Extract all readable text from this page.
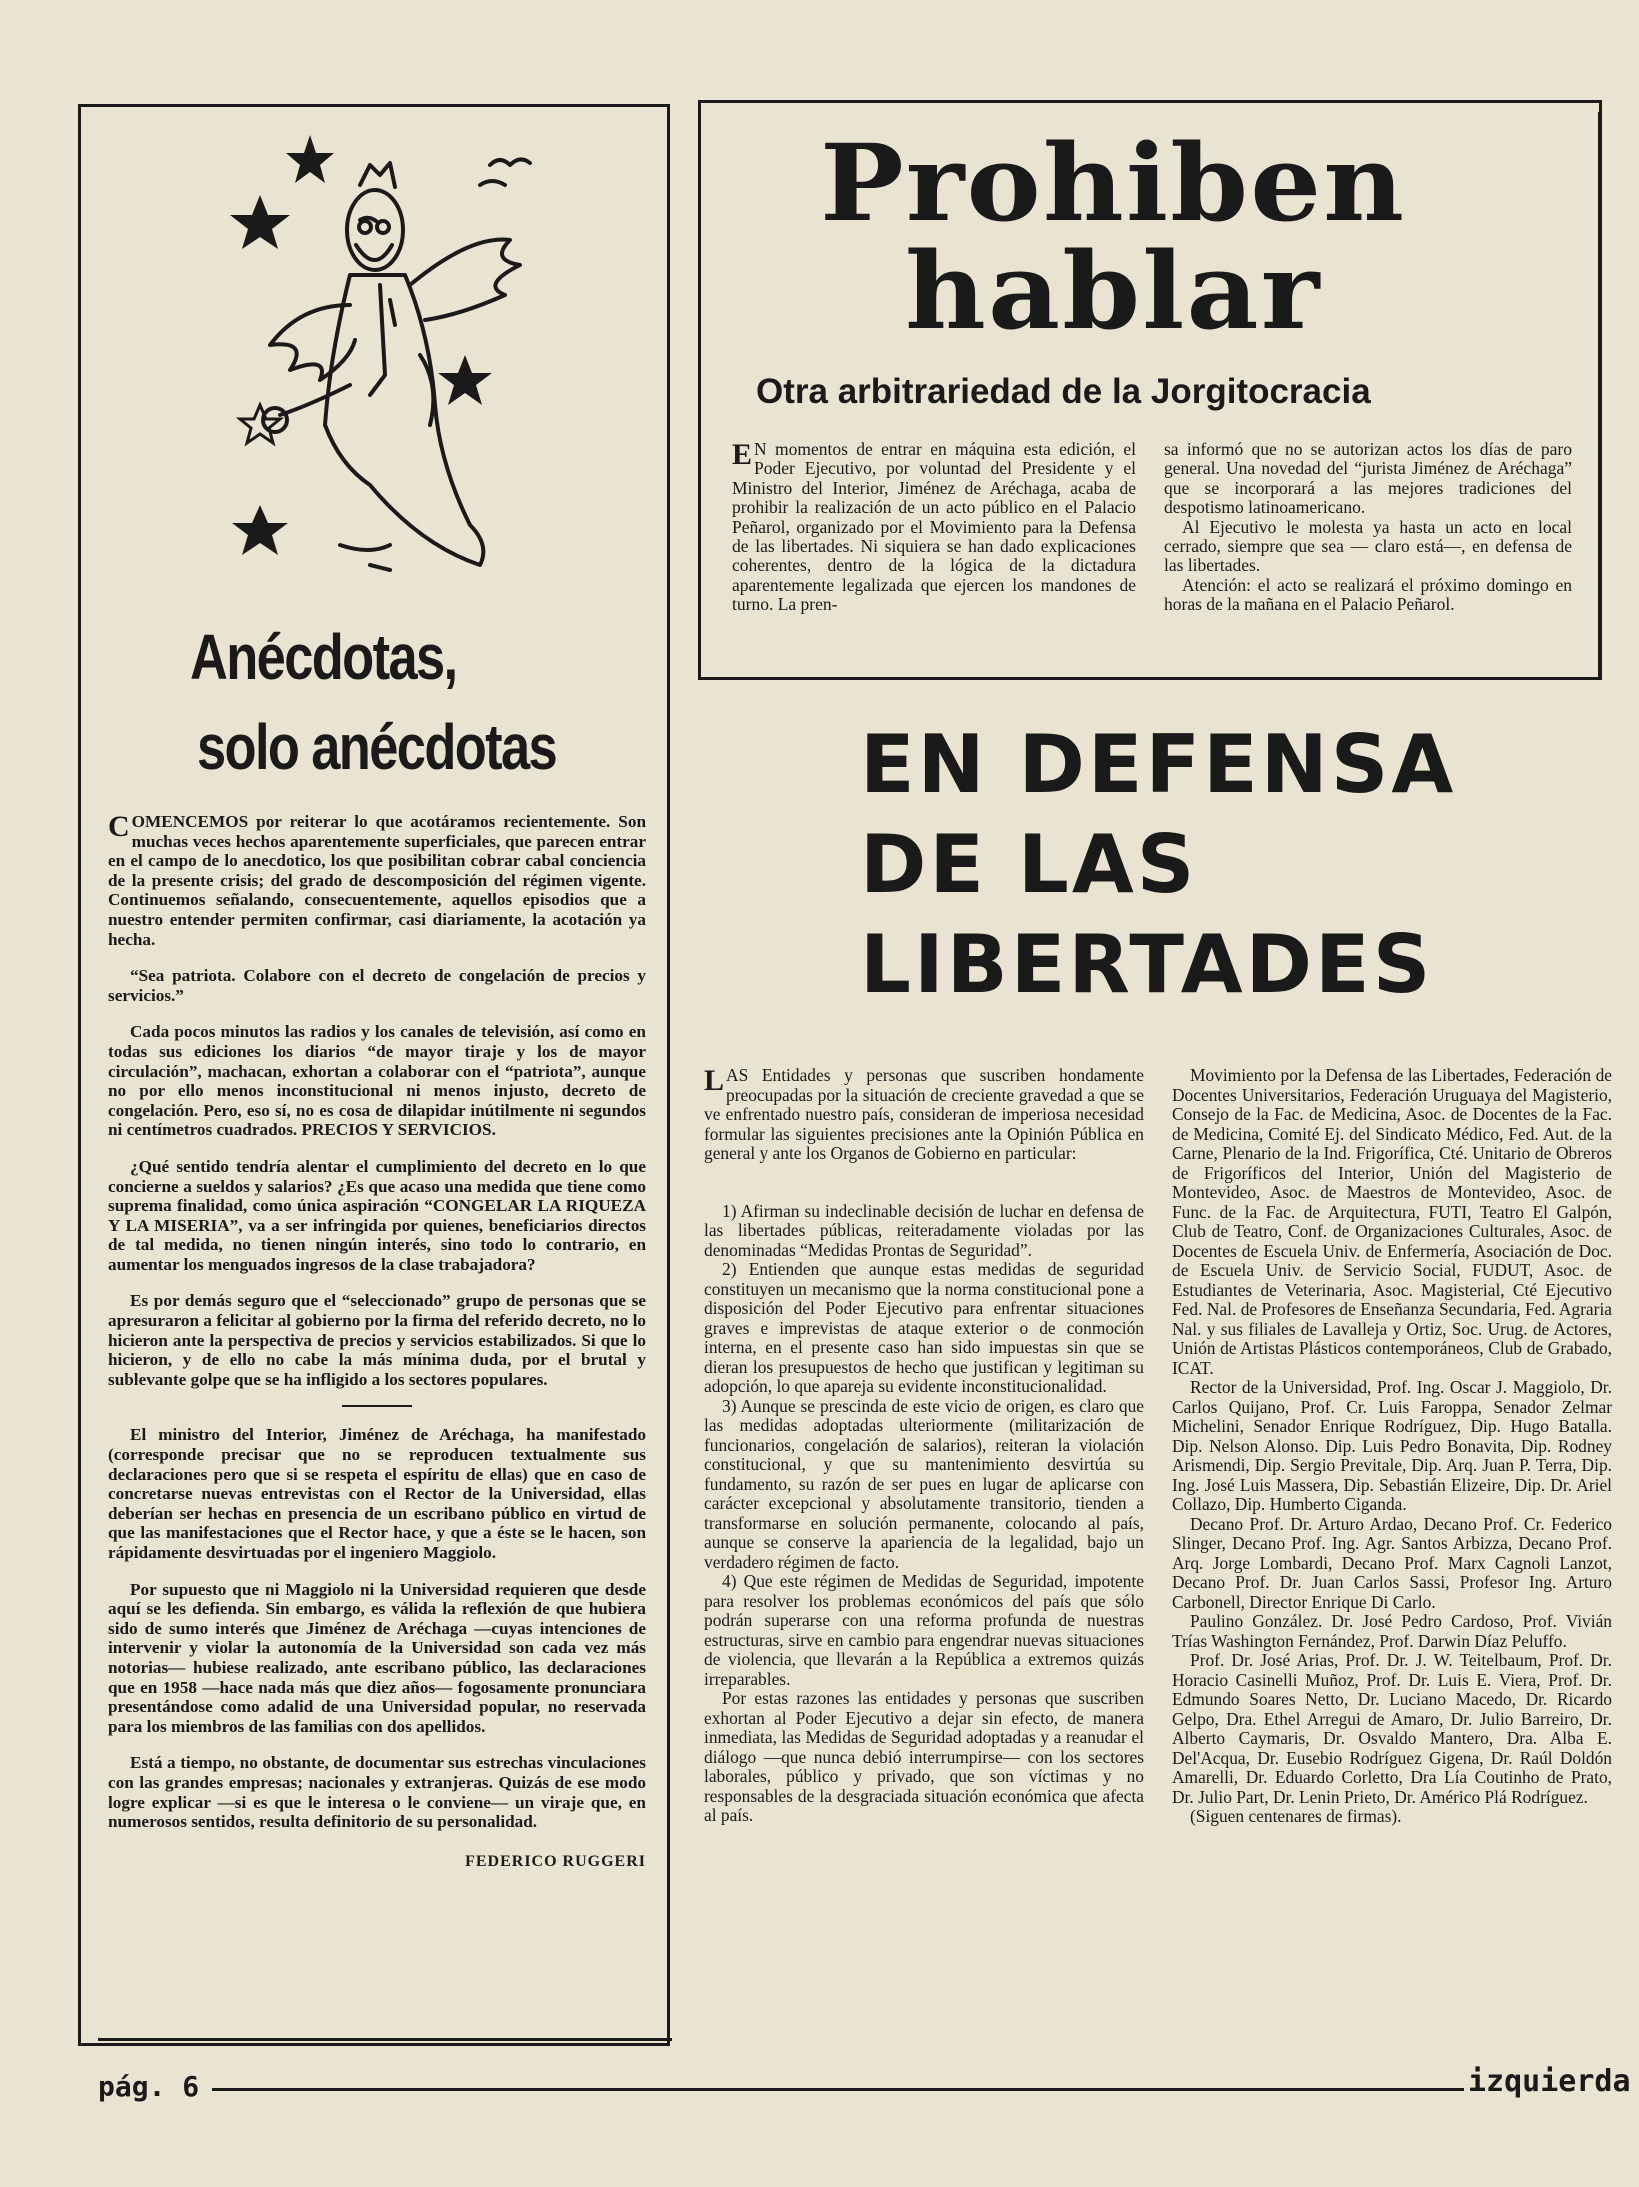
Anécdotas,
solo anécdotas

COMENCEMOS por reiterar lo que acotáramos recientemente. Son muchas veces hechos aparentemente superficiales, que parecen entrar en el campo de lo anecdotico, los que posibilitan cobrar cabal conciencia de la presente crisis; del grado de descomposición del régimen vigente. Continuemos señalando, consecuentemente, aquellos episodios que a nuestro entender permiten confirmar, casi diariamente, la acotación ya hecha.

“Sea patriota. Colabore con el decreto de congelación de precios y servicios.”

Cada pocos minutos las radios y los canales de televisión, así como en todas sus ediciones los diarios “de mayor tiraje y los de mayor circulación”, machacan, exhortan a colaborar con el “patriota”, aunque no por ello menos inconstitucional ni menos injusto, decreto de congelación. Pero, eso sí, no es cosa de dilapidar inútilmente ni segundos ni centímetros cuadrados. PRECIOS Y SERVICIOS.

¿Qué sentido tendría alentar el cumplimiento del decreto en lo que concierne a sueldos y salarios? ¿Es que acaso una medida que tiene como suprema finalidad, como única aspiración “CONGELAR LA RIQUEZA Y LA MISERIA”, va a ser infringida por quienes, beneficiarios directos de tal medida, no tienen ningún interés, sino todo lo contrario, en aumentar los menguados ingresos de la clase trabajadora?

Es por demás seguro que el “seleccionado” grupo de personas que se apresuraron a felicitar al gobierno por la firma del referido decreto, no lo hicieron ante la perspectiva de precios y servicios estabilizados. Si que lo hicieron, y de ello no cabe la más mínima duda, por el brutal y sublevante golpe que se ha infligido a los sectores populares.

El ministro del Interior, Jiménez de Aréchaga, ha manifestado (corresponde precisar que no se reproducen textualmente sus declaraciones pero que si se respeta el espíritu de ellas) que en caso de concretarse nuevas entrevistas con el Rector de la Universidad, ellas deberían ser hechas en presencia de un escribano público en virtud de que las manifestaciones que el Rector hace, y que a éste se le hacen, son rápidamente desvirtuadas por el ingeniero Maggiolo.

Por supuesto que ni Maggiolo ni la Universidad requieren que desde aquí se les defienda. Sin embargo, es válida la reflexión de que hubiera sido de sumo interés que Jiménez de Aréchaga —cuyas intenciones de intervenir y violar la autonomía de la Universidad son cada vez más notorias— hubiese realizado, ante escribano público, las declaraciones que en 1958 —hace nada más que diez años— fogosamente pronunciara presentándose como adalid de una Universidad popular, no reservada para los miembros de las familias con dos apellidos.

Está a tiempo, no obstante, de documentar sus estrechas vinculaciones con las grandes empresas; nacionales y extranjeras. Quizás de ese modo logre explicar —si es que le interesa o le conviene— un viraje que, en numerosos sentidos, resulta definitorio de su personalidad.

FEDERICO RUGGERI

Prohiben
hablar
Otra arbitrariedad de la Jorgitocracia

E N momentos de entrar en máquina esta edición, el Poder Ejecutivo, por voluntad del Presidente y el Ministro del Interior, Jiménez de Aréchaga, acaba de prohibir la realización de un acto público en el Palacio Peñarol, organizado por el Movimiento para la Defensa de las libertades. Ni siquiera se han dado explicaciones coherentes, dentro de la lógica de la dictadura aparentemente legalizada que ejercen los mandones de turno. La pren-

sa informó que no se autorizan actos los días de paro general. Una novedad del “jurista Jiménez de Aréchaga” que se incorporará a las mejores tradiciones del despotismo latinoamericano.

Al Ejecutivo le molesta ya hasta un acto en local cerrado, siempre que sea — claro está—, en defensa de las libertades.

Atención: el acto se realizará el próximo domingo en horas de la mañana en el Palacio Peñarol.

EN DEFENSA
DE LAS
LIBERTADES

LAS Entidades y personas que suscriben hondamente preocupadas por la situación de creciente gravedad a que se ve enfrentado nuestro país, consideran de imperiosa necesidad formular las siguientes precisiones ante la Opinión Pública en general y ante los Organos de Gobierno en particular:

1) Afirman su indeclinable decisión de luchar en defensa de las libertades públicas, reiteradamente violadas por las denominadas “Medidas Prontas de Seguridad”.

2) Entienden que aunque estas medidas de seguridad constituyen un mecanismo que la norma constitucional pone a disposición del Poder Ejecutivo para enfrentar situaciones graves e imprevistas de ataque exterior o de conmoción interna, en el presente caso han sido impuestas sin que se dieran los presupuestos de hecho que justifican y legitiman su adopción, lo que apareja su evidente inconstitucionalidad.

3) Aunque se prescinda de este vicio de origen, es claro que las medidas adoptadas ulteriormente (militarización de funcionarios, congelación de salarios), reiteran la violación constitucional, y que su mantenimiento desvirtúa su fundamento, su razón de ser pues en lugar de aplicarse con carácter excepcional y absolutamente transitorio, tienden a transformarse en solución permanente, colocando al país, aunque se conserve la apariencia de la legalidad, bajo un verdadero régimen de facto.

4) Que este régimen de Medidas de Seguridad, impotente para resolver los problemas económicos del país que sólo podrán superarse con una reforma profunda de nuestras estructuras, sirve en cambio para engendrar nuevas situaciones de violencia, que llevarán a la República a extremos quizás irreparables.

Por estas razones las entidades y personas que suscriben exhortan al Poder Ejecutivo a dejar sin efecto, de manera inmediata, las Medidas de Seguridad adoptadas y a reanudar el diálogo —que nunca debió interrumpirse— con los sectores laborales, público y privado, que son víctimas y no responsables de la desgraciada situación económica que afecta al país.

Movimiento por la Defensa de las Libertades, Federación de Docentes Universitarios, Federación Uruguaya del Magisterio, Consejo de la Fac. de Medicina, Asoc. de Docentes de la Fac. de Medicina, Comité Ej. del Sindicato Médico, Fed. Aut. de la Carne, Plenario de la Ind. Frigorífica, Cté. Unitario de Obreros de Frigoríficos del Interior, Unión del Magisterio de Montevideo, Asoc. de Maestros de Montevideo, Asoc. de Func. de la Fac. de Arquitectura, FUTI, Teatro El Galpón, Club de Teatro, Conf. de Organizaciones Culturales, Asoc. de Docentes de Escuela Univ. de Enfermería, Asociación de Doc. de Escuela Univ. de Servicio Social, FUDUT, Asoc. de Estudiantes de Veterinaria, Asoc. Magisterial, Cté Ejecutivo Fed. Nal. de Profesores de Enseñanza Secundaria, Fed. Agraria Nal. y sus filiales de Lavalleja y Ortiz, Soc. Urug. de Actores, Unión de Artistas Plásticos contemporáneos, Club de Grabado, ICAT.

Rector de la Universidad, Prof. Ing. Oscar J. Maggiolo, Dr. Carlos Quijano, Prof. Cr. Luis Faroppa, Senador Zelmar Michelini, Senador Enrique Rodríguez, Dip. Hugo Batalla. Dip. Nelson Alonso. Dip. Luis Pedro Bonavita, Dip. Rodney Arismendi, Dip. Sergio Previtale, Dip. Arq. Juan P. Terra, Dip. Ing. José Luis Massera, Dip. Sebastián Elizeire, Dip. Dr. Ariel Collazo, Dip. Humberto Ciganda.

Decano Prof. Dr. Arturo Ardao, Decano Prof. Cr. Federico Slinger, Decano Prof. Ing. Agr. Santos Arbizza, Decano Prof. Arq. Jorge Lombardi, Decano Prof. Marx Cagnoli Lanzot, Decano Prof. Dr. Juan Carlos Sassi, Profesor Ing. Arturo Carbonell, Director Enrique Di Carlo.

Paulino González. Dr. José Pedro Cardoso, Prof. Vivián Trías Washington Fernández, Prof. Darwin Díaz Peluffo.

Prof. Dr. José Arias, Prof. Dr. J. W. Teitelbaum, Prof. Dr. Horacio Casinelli Muñoz, Prof. Dr. Luis E. Viera, Prof. Dr. Edmundo Soares Netto, Dr. Luciano Macedo, Dr. Ricardo Gelpo, Dra. Ethel Arregui de Amaro, Dr. Julio Barreiro, Dr. Alberto Caymaris, Dr. Osvaldo Mantero, Dra. Alba E. Del'Acqua, Dr. Eusebio Rodríguez Gigena, Dr. Raúl Doldón Amarelli, Dr. Eduardo Corletto, Dra Lía Coutinho de Prato, Dr. Julio Part, Dr. Lenin Prieto, Dr. Américo Plá Rodríguez.

(Siguen centenares de firmas).

pág. 6	izquierda
